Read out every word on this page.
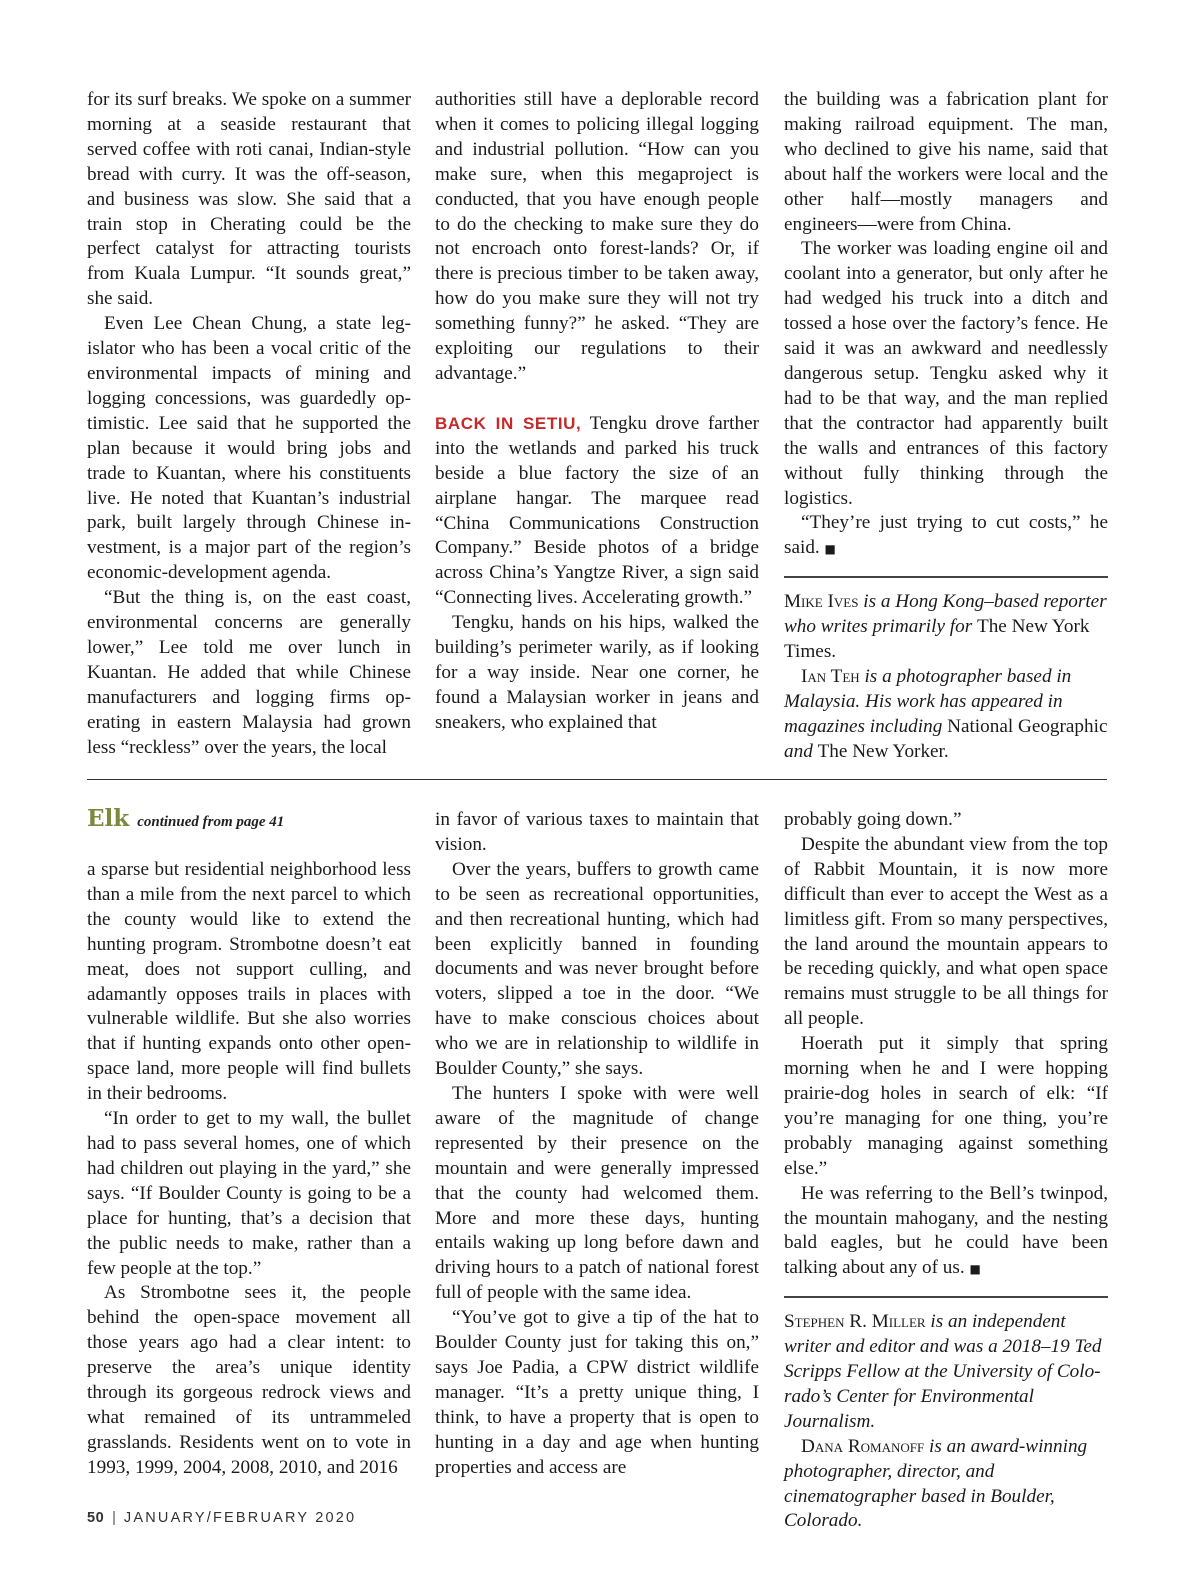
for its surf breaks. We spoke on a summer morning at a seaside restaurant that served coffee with roti canai, Indian-style bread with curry. It was the off-season, and business was slow. She said that a train stop in Cherating could be the perfect catalyst for attracting tourists from Kuala Lumpur. “It sounds great,” she said.

Even Lee Chean Chung, a state legislator who has been a vocal critic of the environmental impacts of mining and logging concessions, was guardedly optimistic. Lee said that he supported the plan because it would bring jobs and trade to Kuantan, where his constituents live. He noted that Kuantan’s industrial park, built largely through Chinese investment, is a major part of the region’s economic-development agenda.

“But the thing is, on the east coast, environmental concerns are generally lower,” Lee told me over lunch in Kuantan. He added that while Chinese manufacturers and logging firms operating in eastern Malaysia had grown less “reckless” over the years, the local

authorities still have a deplorable record when it comes to policing illegal logging and industrial pollution. “How can you make sure, when this megaproject is conducted, that you have enough people to do the checking to make sure they do not encroach onto forest-lands? Or, if there is precious timber to be taken away, how do you make sure they will not try something funny?” he asked. “They are exploiting our regulations to their advantage.”

BACK IN SETIU, Tengku drove farther into the wetlands and parked his truck beside a blue factory the size of an airplane hangar. The marquee read “China Communications Construction Company.” Beside photos of a bridge across China’s Yangtze River, a sign said “Connecting lives. Accelerating growth.”

Tengku, hands on his hips, walked the building’s perimeter warily, as if looking for a way inside. Near one corner, he found a Malaysian worker in jeans and sneakers, who explained that

the building was a fabrication plant for making railroad equipment. The man, who declined to give his name, said that about half the workers were local and the other half—mostly managers and engineers—were from China.

The worker was loading engine oil and coolant into a generator, but only after he had wedged his truck into a ditch and tossed a hose over the factory’s fence. He said it was an awkward and needlessly dangerous setup. Tengku asked why it had to be that way, and the man replied that the contractor had apparently built the walls and entrances of this factory without fully thinking through the logistics.

“They’re just trying to cut costs,” he said. ■

Mike Ives is a Hong Kong–based reporter who writes primarily for The New York Times.

Ian Teh is a photographer based in Malaysia. His work has appeared in magazines including National Geographic and The New Yorker.

Elk continued from page 41

a sparse but residential neighborhood less than a mile from the next parcel to which the county would like to extend the hunting program. Strombotne doesn’t eat meat, does not support culling, and adamantly opposes trails in places with vulnerable wildlife. But she also worries that if hunting expands onto other open-space land, more people will find bullets in their bedrooms.

“In order to get to my wall, the bullet had to pass several homes, one of which had children out playing in the yard,” she says. “If Boulder County is going to be a place for hunting, that’s a decision that the public needs to make, rather than a few people at the top.”

As Strombotne sees it, the people behind the open-space movement all those years ago had a clear intent: to preserve the area’s unique identity through its gorgeous redrock views and what remained of its untrammeled grasslands. Residents went on to vote in 1993, 1999, 2004, 2008, 2010, and 2016

in favor of various taxes to maintain that vision.

Over the years, buffers to growth came to be seen as recreational opportunities, and then recreational hunting, which had been explicitly banned in founding documents and was never brought before voters, slipped a toe in the door. “We have to make conscious choices about who we are in relationship to wildlife in Boulder County,” she says.

The hunters I spoke with were well aware of the magnitude of change represented by their presence on the mountain and were generally impressed that the county had welcomed them. More and more these days, hunting entails waking up long before dawn and driving hours to a patch of national forest full of people with the same idea.

“You’ve got to give a tip of the hat to Boulder County just for taking this on,” says Joe Padia, a CPW district wildlife manager. “It’s a pretty unique thing, I think, to have a property that is open to hunting in a day and age when hunting properties and access are

probably going down.”

Despite the abundant view from the top of Rabbit Mountain, it is now more difficult than ever to accept the West as a limitless gift. From so many perspectives, the land around the mountain appears to be receding quickly, and what open space remains must struggle to be all things for all people.

Hoerath put it simply that spring morning when he and I were hopping prairie-dog holes in search of elk: “If you’re managing for one thing, you’re probably managing against something else.”

He was referring to the Bell’s twinpod, the mountain mahogany, and the nesting bald eagles, but he could have been talking about any of us. ■

Stephen R. Miller is an independent writer and editor and was a 2018–19 Ted Scripps Fellow at the University of Colorado’s Center for Environmental Journalism.

Dana Romanoff is an award-winning photographer, director, and cinematographer based in Boulder, Colorado.

50 | JANUARY/FEBRUARY 2020
